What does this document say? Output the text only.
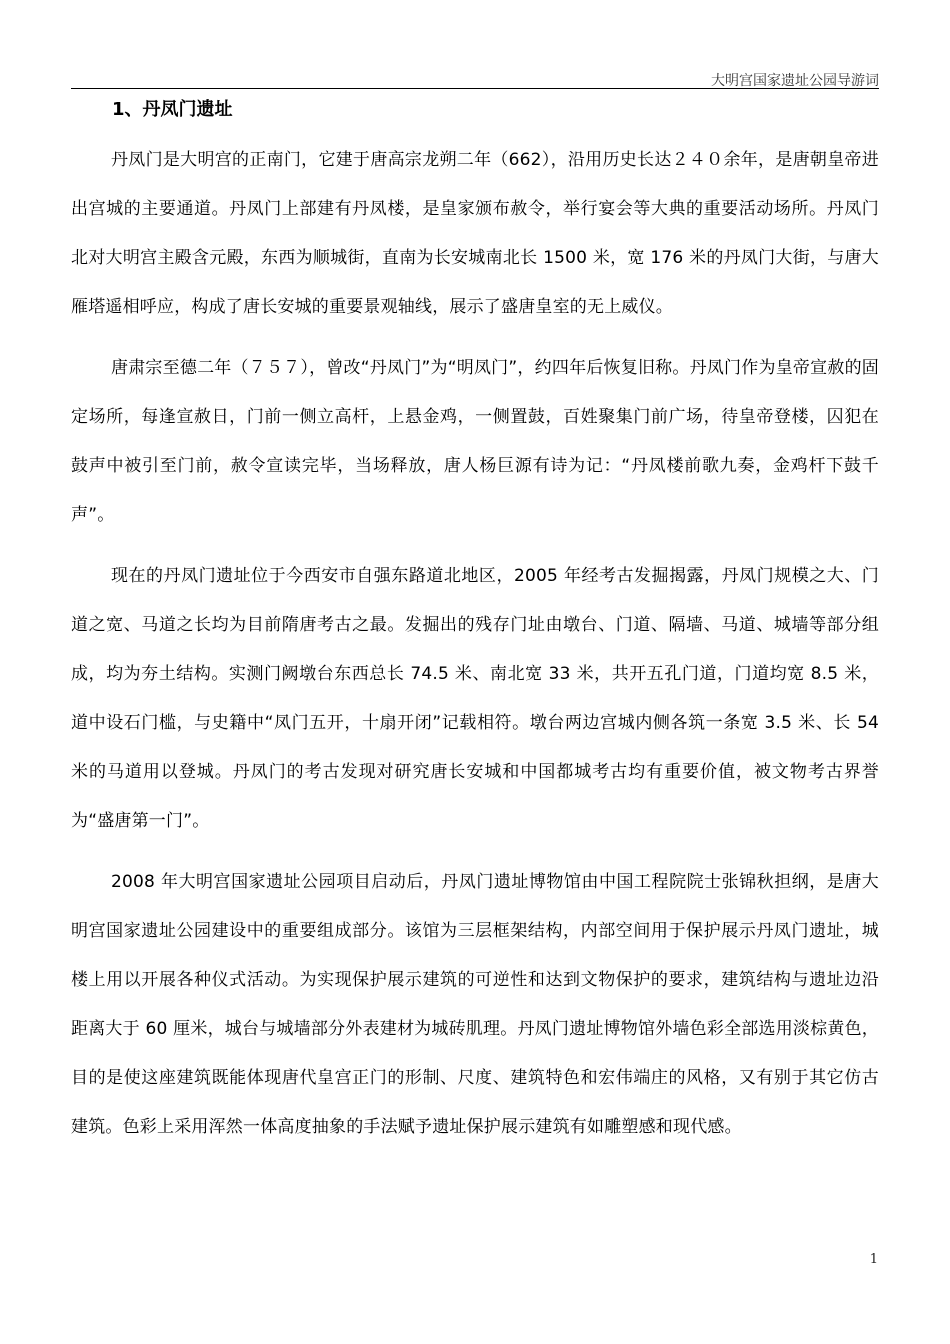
大明宫国家遗址公园导游词
1、丹凤门遗址

丹凤门是大明宫的正南门，它建于唐高宗龙朔二年（662），沿用历史长达２４０余年，是唐朝皇帝进出宫城的主要通道。丹凤门上部建有丹凤楼，是皇家颁布赦令，举行宴会等大典的重要活动场所。丹凤门北对大明宫主殿含元殿，东西为顺城街，直南为长安城南北长 1500 米，宽 176 米的丹凤门大街，与唐大雁塔遥相呼应，构成了唐长安城的重要景观轴线，展示了盛唐皇室的无上威仪。

唐肃宗至德二年（７５７），曾改“丹凤门”为“明凤门”，约四年后恢复旧称。丹凤门作为皇帝宣赦的固定场所，每逢宣赦日，门前一侧立高杆，上悬金鸡，一侧置鼓，百姓聚集门前广场，待皇帝登楼，囚犯在鼓声中被引至门前，赦令宣读完毕，当场释放，唐人杨巨源有诗为记：“丹凤楼前歌九奏，金鸡杆下鼓千声”。

现在的丹凤门遗址位于今西安市自强东路道北地区，2005 年经考古发掘揭露，丹凤门规模之大、门道之宽、马道之长均为目前隋唐考古之最。发掘出的残存门址由墩台、门道、隔墙、马道、城墙等部分组成，均为夯土结构。实测门阙墩台东西总长 74.5 米、南北宽 33 米，共开五孔门道，门道均宽 8.5 米，道中设石门槛，与史籍中“凤门五开，十扇开闭”记载相符。墩台两边宫城内侧各筑一条宽 3.5 米、长 54 米的马道用以登城。丹凤门的考古发现对研究唐长安城和中国都城考古均有重要价值，被文物考古界誉为“盛唐第一门”。

2008 年大明宫国家遗址公园项目启动后，丹凤门遗址博物馆由中国工程院院士张锦秋担纲，是唐大明宫国家遗址公园建设中的重要组成部分。该馆为三层框架结构，内部空间用于保护展示丹凤门遗址，城楼上用以开展各种仪式活动。为实现保护展示建筑的可逆性和达到文物保护的要求，建筑结构与遗址边沿距离大于 60 厘米，城台与城墙部分外表建材为城砖肌理。丹凤门遗址博物馆外墙色彩全部选用淡棕黄色，目的是使这座建筑既能体现唐代皇宫正门的形制、尺度、建筑特色和宏伟端庄的风格，又有别于其它仿古建筑。色彩上采用浑然一体高度抽象的手法赋予遗址保护展示建筑有如雕塑感和现代感。

1
